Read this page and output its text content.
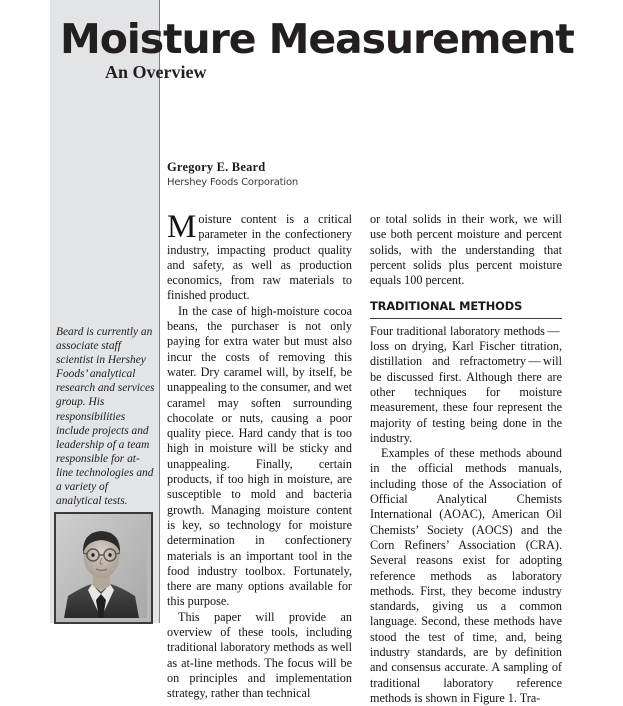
Moisture Measurement
An Overview
Gregory E. Beard
Hershey Foods Corporation
Beard is currently an associate staff scientist in Hershey Foods’ analytical research and services group. His responsibilities include projects and leadership of a team responsible for at-line technologies and a variety of analytical tests.

Moisture content is a critical parameter in the confectionery industry, impacting product quality and safety, as well as production economics, from raw materials to finished product.

In the case of high-moisture cocoa beans, the purchaser is not only paying for extra water but must also incur the costs of removing this water. Dry caramel will, by itself, be unappealing to the consumer, and wet caramel may soften surrounding chocolate or nuts, causing a poor quality piece. Hard candy that is too high in moisture will be sticky and unappealing. Finally, certain products, if too high in moisture, are susceptible to mold and bacteria growth. Managing moisture content is key, so technology for moisture determination in confectionery materials is an important tool in the food industry toolbox. Fortunately, there are many options available for this purpose.

This paper will provide an overview of these tools, including traditional laboratory methods as well as at-line methods. The focus will be on principles and implementation strategy, rather than technical

or total solids in their work, we will use both percent moisture and percent solids, with the understanding that percent solids plus percent moisture equals 100 percent.

TRADITIONAL METHODS

Four traditional laboratory methods — loss on drying, Karl Fischer titration, distillation and refractometry — will be discussed first. Although there are other techniques for moisture measurement, these four represent the majority of testing being done in the industry.

Examples of these methods abound in the official methods manuals, including those of the Association of Official Analytical Chemists International (AOAC), American Oil Chemists’ Society (AOCS) and the Corn Refiners’ Association (CRA). Several reasons exist for adopting reference methods as laboratory methods. First, they become industry standards, giving us a common language. Second, these methods have stood the test of time, and, being industry standards, are by definition and consensus accurate. A sampling of traditional laboratory reference methods is shown in Figure 1. Tra-
